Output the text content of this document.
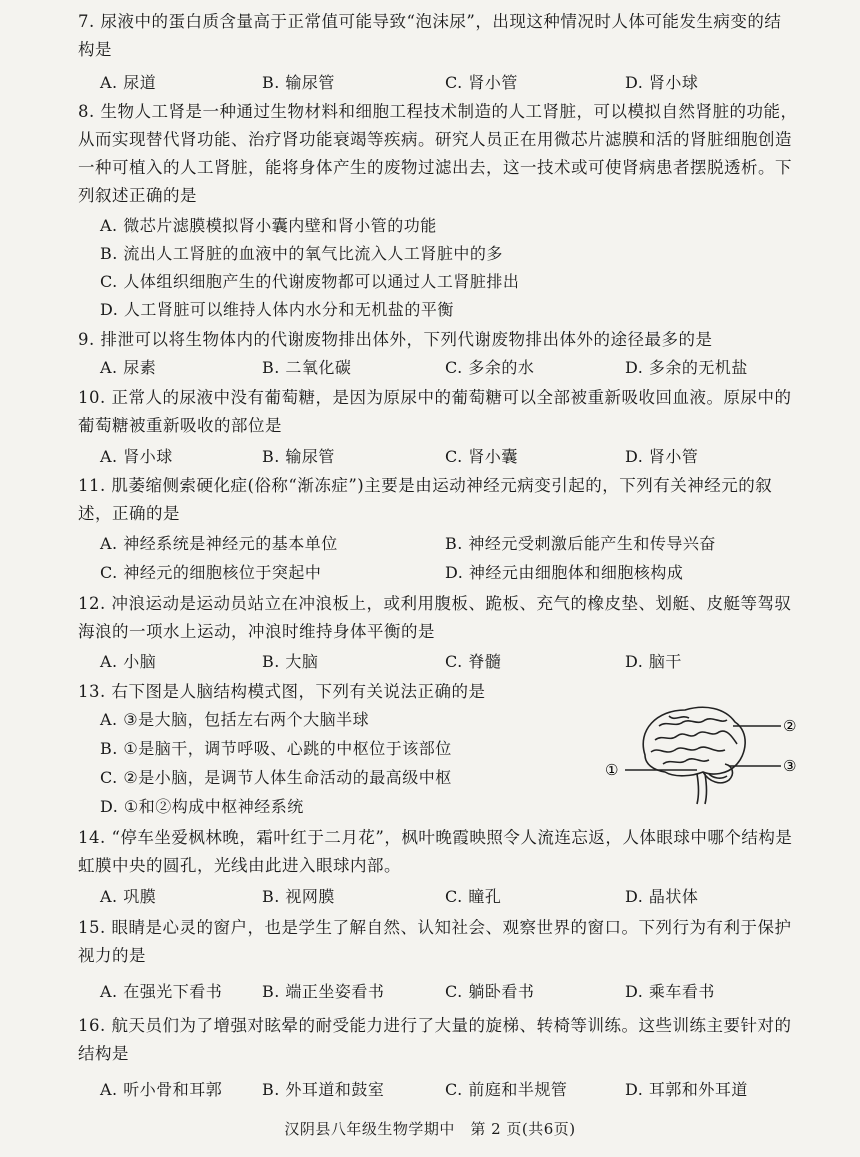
7. 尿液中的蛋白质含量高于正常值可能导致“泡沫尿”，出现这种情况时人体可能发生病变的结构是
A. 尿道	B. 输尿管	C. 肾小管	D. 肾小球
8. 生物人工肾是一种通过生物材料和细胞工程技术制造的人工肾脏，可以模拟自然肾脏的功能，从而实现替代肾功能、治疗肾功能衰竭等疾病。研究人员正在用微芯片滤膜和活的肾脏细胞创造一种可植入的人工肾脏，能将身体产生的废物过滤出去，这一技术或可使肾病患者摆脱透析。下列叙述正确的是
A. 微芯片滤膜模拟肾小囊内壁和肾小管的功能
B. 流出人工肾脏的血液中的氧气比流入人工肾脏中的多
C. 人体组织细胞产生的代谢废物都可以通过人工肾脏排出
D. 人工肾脏可以维持人体内水分和无机盐的平衡
9. 排泄可以将生物体内的代谢废物排出体外，下列代谢废物排出体外的途径最多的是
A. 尿素	B. 二氧化碳	C. 多余的水	D. 多余的无机盐
10. 正常人的尿液中没有葡萄糖，是因为原尿中的葡萄糖可以全部被重新吸收回血液。原尿中的葡萄糖被重新吸收的部位是
A. 肾小球	B. 输尿管	C. 肾小囊	D. 肾小管
11. 肌萎缩侧索硬化症(俗称“渐冻症”)主要是由运动神经元病变引起的，下列有关神经元的叙述，正确的是
A. 神经系统是神经元的基本单位	B. 神经元受刺激后能产生和传导兴奋
C. 神经元的细胞核位于突起中	D. 神经元由细胞体和细胞核构成
12. 冲浪运动是运动员站立在冲浪板上，或利用腹板、跪板、充气的橡皮垫、划艇、皮艇等驾驭海浪的一项水上运动，冲浪时维持身体平衡的是
A. 小脑	B. 大脑	C. 脊髓	D. 脑干
13. 右下图是人脑结构模式图，下列有关说法正确的是
A. ③是大脑，包括左右两个大脑半球
B. ①是脑干，调节呼吸、心跳的中枢位于该部位
C. ②是小脑，是调节人体生命活动的最高级中枢
D. ①和②构成中枢神经系统
①
②
③
14. “停车坐爱枫林晚，霜叶红于二月花”，枫叶晚霞映照令人流连忘返，人体眼球中哪个结构是虹膜中央的圆孔，光线由此进入眼球内部。
A. 巩膜	B. 视网膜	C. 瞳孔	D. 晶状体
15. 眼睛是心灵的窗户，也是学生了解自然、认知社会、观察世界的窗口。下列行为有利于保护视力的是
A. 在强光下看书 B. 端正坐姿看书	C. 躺卧看书	D. 乘车看书
16. 航天员们为了增强对眩晕的耐受能力进行了大量的旋梯、转椅等训练。这些训练主要针对的结构是
A. 听小骨和耳郭 B. 外耳道和鼓室	C. 前庭和半规管	D. 耳郭和外耳道
汉阴县八年级生物学期中　第 2 页(共6页)
